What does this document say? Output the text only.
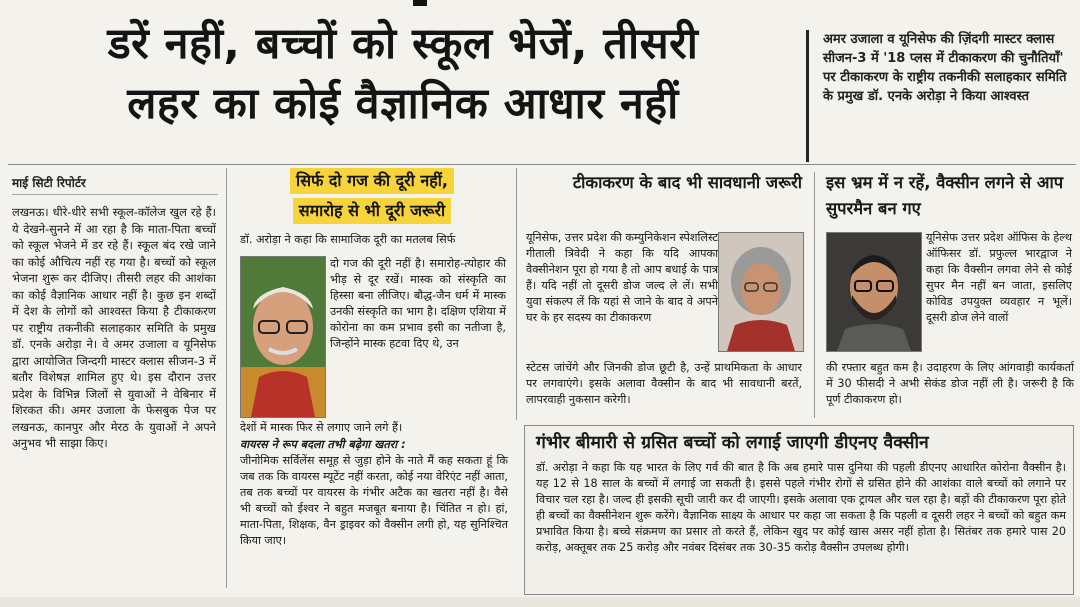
डरें नहीं, बच्चों को स्कूल भेजें, तीसरी
लहर का कोई वैज्ञानिक आधार नहीं
अमर उजाला व यूनिसेफ की ज़िंदगी मास्टर क्लास सीजन-3 में '18 प्लस में टीकाकरण की चुनौतियाँ' पर टीकाकरण के राष्ट्रीय तकनीकी सलाहकार समिति के प्रमुख डॉ. एनके अरोड़ा ने किया आश्वस्त
माई सिटी रिपोर्टर
लखनऊ। धीरे-धीरे सभी स्कूल-कॉलेज खुल रहे हैं। ये देखने-सुनने में आ रहा है कि माता-पिता बच्चों को स्कूल भेजने में डर रहे हैं। स्कूल बंद रखे जाने का कोई औचित्य नहीं रह गया है। बच्चों को स्कूल भेजना शुरू कर दीजिए। तीसरी लहर की आशंका का कोई वैज्ञानिक आधार नहीं है। कुछ इन शब्दों में देश के लोगों को आश्वस्त किया है टीकाकरण पर राष्ट्रीय तकनीकी सलाहकार समिति के प्रमुख डॉ. एनके अरोड़ा ने। वे अमर उजाला व यूनिसेफ द्वारा आयोजित जिन्दगी मास्टर क्लास सीजन-3 में बतौर विशेषज्ञ शामिल हुए थे। इस दौरान उत्तर प्रदेश के विभिन्न जिलों से युवाओं ने वेबिनार में शिरकत की। अमर उजाला के फेसबुक पेज पर लखनऊ, कानपुर और मेरठ के युवाओं ने अपने अनुभव भी साझा किए।
सिर्फ दो गज की दूरी नहीं,
समारोह से भी दूरी जरूरी
डॉ. अरोड़ा ने कहा कि सामाजिक दूरी का मतलब सिर्फ
दो गज की दूरी नहीं है। समारोह-त्योहार की भीड़ से दूर रखें। मास्क को संस्कृति का हिस्सा बना लीजिए। बौद्ध-जैन धर्म में मास्क उनकी संस्कृति का भाग है। दक्षिण एशिया में कोरोना का कम प्रभाव इसी का नतीजा है, जिन्होंने मास्क हटवा दिए थे, उन
देशों में मास्क फिर से लगाए जाने लगे हैं।
वायरस ने रूप बदला तभी बढ़ेगा खतरा :
जीनोमिक सर्विलेंस समूह से जुड़ा होने के नाते मैं कह सकता हूं कि जब तक कि वायरस म्यूटेंट नहीं करता, कोई नया वेरिएंट नहीं आता, तब तक बच्चों पर वायरस के गंभीर अटैक का खतरा नहीं है। वैसे भी बच्चों को ईश्वर ने बहुत मजबूत बनाया है। चिंतित न हो। हां, माता-पिता, शिक्षक, वैन ड्राइवर को वैक्सीन लगी हो, यह सुनिश्चित किया जाए।
टीकाकरण के बाद भी सावधानी जरूरी
यूनिसेफ, उत्तर प्रदेश की कम्युनिकेशन स्पेशलिस्ट गीताली त्रिवेदी ने कहा कि यदि आपका वैक्सीनेशन पूरा हो गया है तो आप बधाई के पात्र हैं। यदि नहीं तो दूसरी डोज जल्द ले लें। सभी युवा संकल्प लें कि यहां से जाने के बाद वे अपने घर के हर सदस्य का टीकाकरण
स्टेटस जांचेंगे और जिनकी डोज छूटी है, उन्हें प्राथमिकता के आधार पर लगवाएंगे। इसके अलावा वैक्सीन के बाद भी सावधानी बरतें, लापरवाही नुकसान करेगी।
इस भ्रम में न रहें, वैक्सीन लगने से आप सुपरमैन बन गए
यूनिसेफ उत्तर प्रदेश ऑफिस के हेल्थ ऑफिसर डॉ. प्रफुल्ल भारद्वाज ने कहा कि वैक्सीन लगवा लेने से कोई सुपर मैन नहीं बन जाता, इसलिए कोविड उपयुक्त व्यवहार न भूलें। दूसरी डोज लेने वालों
की रफ्तार बहुत कम है। उदाहरण के लिए आंगवाड़ी कार्यकर्ता में 30 फीसदी ने अभी सेकंड डोज नहीं ली है। जरूरी है कि पूर्ण टीकाकरण हो।
गंभीर बीमारी से ग्रसित बच्चों को लगाई जाएगी डीएनए वैक्सीन
डॉ. अरोड़ा ने कहा कि यह भारत के लिए गर्व की बात है कि अब हमारे पास दुनिया की पहली डीएनए आधारित कोरोना वैक्सीन है। यह 12 से 18 साल के बच्चों में लगाई जा सकती है। इससे पहले गंभीर रोगों से ग्रसित होने की आशंका वाले बच्चों को लगाने पर विचार चल रहा है। जल्द ही इसकी सूची जारी कर दी जाएगी। इसके अलावा एक ट्रायल और चल रहा है। बड़ों की टीकाकरण पूरा होते ही बच्चों का वैक्सीनेशन शुरू करेंगे। वैज्ञानिक साक्ष्य के आधार पर कहा जा सकता है कि पहली व दूसरी लहर ने बच्चों को बहुत कम प्रभावित किया है। बच्चे संक्रमण का प्रसार तो करते हैं, लेकिन खुद पर कोई खास असर नहीं होता है। सितंबर तक हमारे पास 20 करोड़, अक्तूबर तक 25 करोड़ और नवंबर दिसंबर तक 30-35 करोड़ वैक्सीन उपलब्ध होगी।
